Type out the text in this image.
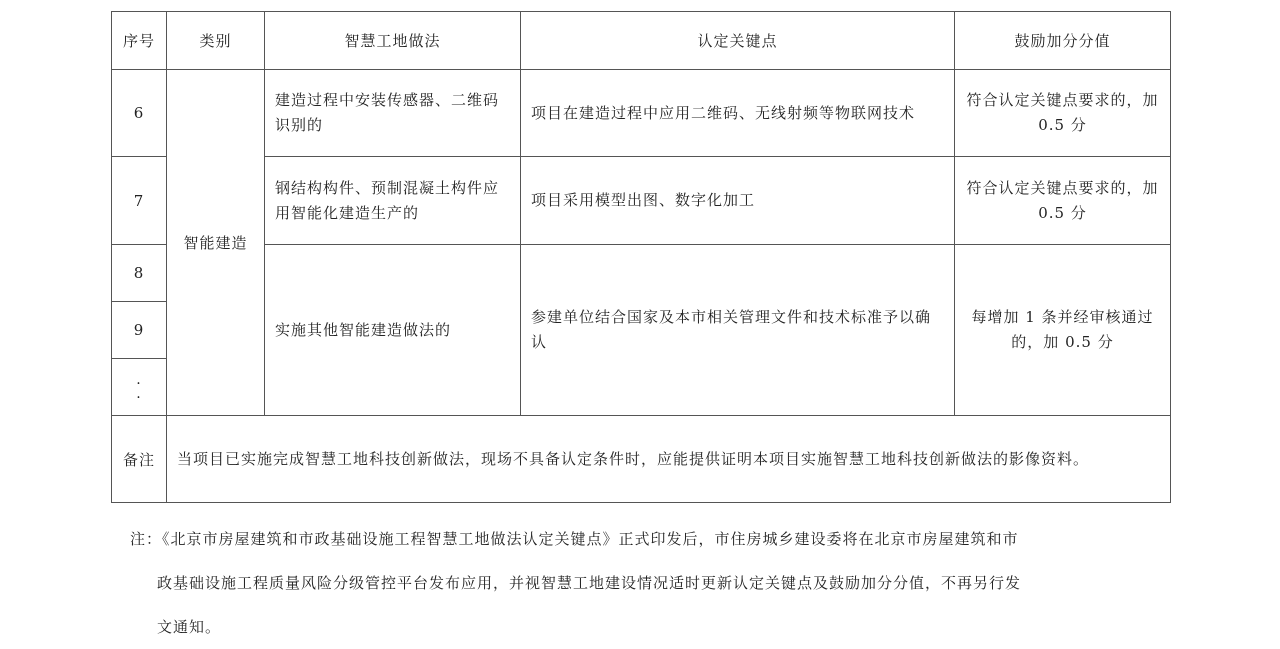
序号	类别	智慧工地做法	认定关键点	鼓励加分分值
6	智能建造	建造过程中安装传感器、二维码识别的	项目在建造过程中应用二维码、无线射频等物联网技术	符合认定关键点要求的，加 0.5 分
7		钢结构构件、预制混凝土构件应用智能化建造生产的	项目采用模型出图、数字化加工	符合认定关键点要求的，加 0.5 分
8		实施其他智能建造做法的	参建单位结合国家及本市相关管理文件和技术标准予以确认	每增加 1 条并经审核通过的，加 0.5 分
9				

.
.				

备注	当项目已实施完成智慧工地科技创新做法，现场不具备认定条件时，应能提供证明本项目实施智慧工地科技创新做法的影像资料。			
注：《北京市房屋建筑和市政基础设施工程智慧工地做法认定关键点》正式印发后，市住房城乡建设委将在北京市房屋建筑和市
政基础设施工程质量风险分级管控平台发布应用，并视智慧工地建设情况适时更新认定关键点及鼓励加分分值，不再另行发
文通知。
